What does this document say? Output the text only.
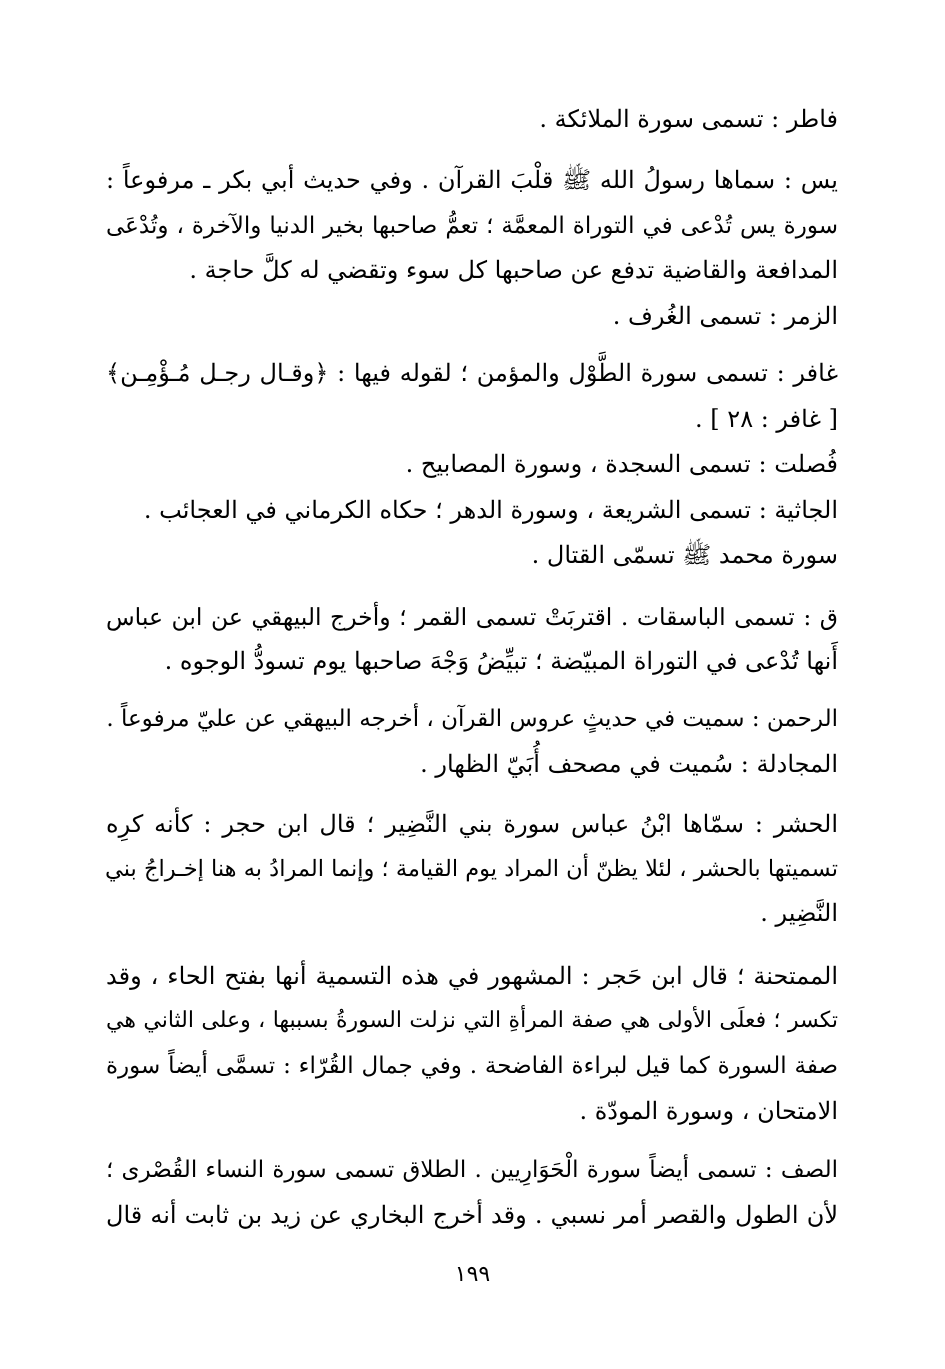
فاطر : تسمى سورة الملائكة .
يس : سماها رسولُ الله ﷺ قلْبَ القرآن . وفي حديث أبي بكر ـ مرفوعاً :
سورة يس تُدْعى في التوراة المعمَّة ؛ تعمُّ صاحبها بخير الدنيا والآخرة ، وتُدْعَى
المدافعة والقاضية تدفع عن صاحبها كل سوء وتقضي له كلَّ حاجة .
الزمر : تسمى الغُرف .
غافر : تسمى سورة الطَّوْل والمؤمن ؛ لقوله فيها : ﴿وقـال رجـل مُـؤْمِـن﴾
[ غافر : ٢٨ ] .
فُصلت : تسمى السجدة ، وسورة المصابيح .
الجاثية : تسمى الشريعة ، وسورة الدهر ؛ حكاه الكرماني في العجائب .
سورة محمد ﷺ تسمّى القتال .
ق : تسمى الباسقات . اقتربَتْ تسمى القمر ؛ وأخرج البيهقي عن ابن عباس
أَنها تُدْعى في التوراة المبيّضة ؛ تبيِّضُ وَجْهَ صاحبها يوم تسودُّ الوجوه .
الرحمن : سميت في حديثٍ عروس القرآن ، أخرجه البيهقي عن عليّ مرفوعاً .
المجادلة : سُميت في مصحف أُبَيّ الظهار .
الحشر : سمّاها ابْنُ عباس سورة بني النَّضِير ؛ قال ابن حجر : كأنه كرِه
تسميتها بالحشر ، لئلا يظنّ أن المراد يوم القيامة ؛ وإنما المرادُ به هنا إخـراجُ بني
النَّضِير .
الممتحنة ؛ قال ابن حَجر : المشهور في هذه التسمية أنها بفتح الحاء ، وقد
تكسر ؛ فعلَى الأولى هي صفة المرأةِ التي نزلت السورةُ بسببها ، وعلى الثاني هي
صفة السورة كما قيل لبراءة الفاضحة . وفي جمال القُرّاء : تسمَّى أيضاً سورة
الامتحان ، وسورة المودّة .
الصف : تسمى أيضاً سورة الْحَوَارِيين . الطلاق تسمى سورة النساء القُصْرى ؛
لأن الطول والقصر أمر نسبي . وقد أخرج البخاري عن زيد بن ثابت أنه قال
١٩٩
